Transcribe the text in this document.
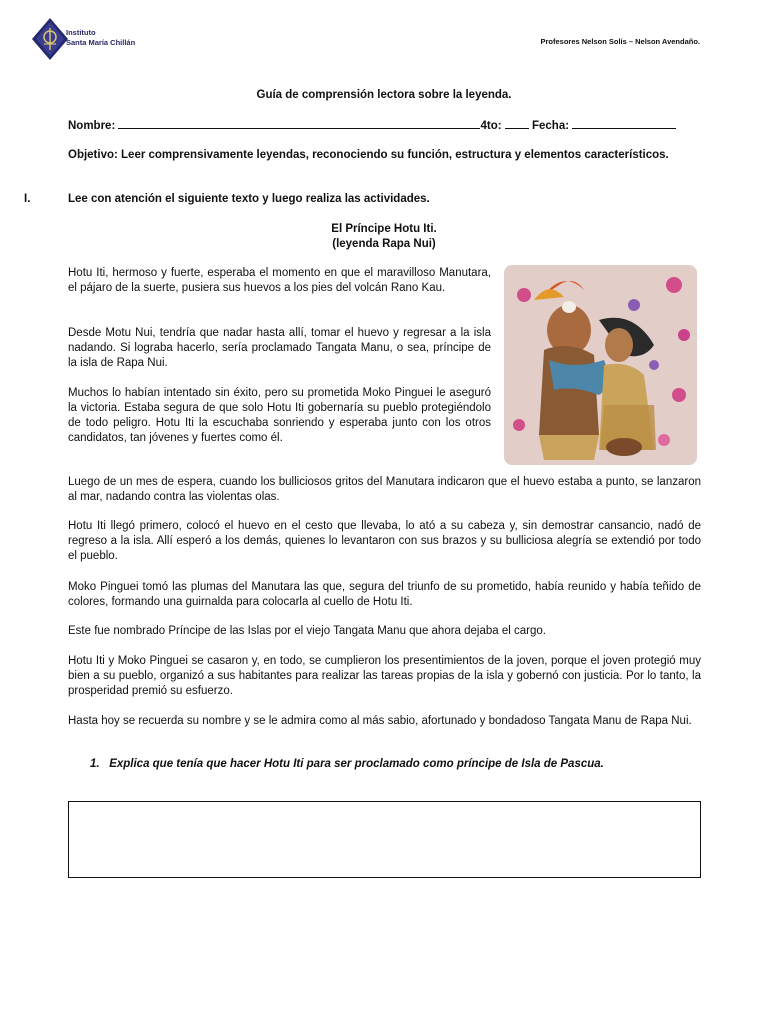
Instituto
Santa María Chillán	Profesores Nelson Solís – Nelson Avendaño.
Guía de comprensión lectora sobre la leyenda.
Nombre:	4to:	Fecha:
Objetivo: Leer comprensivamente leyendas, reconociendo su función, estructura y elementos característicos.
I.	Lee con atención el siguiente texto y luego realiza las actividades.
El Príncipe Hotu Iti.
(leyenda Rapa Nui)
Hotu Iti, hermoso y fuerte, esperaba el momento en que el maravilloso Manutara, el pájaro de la suerte, pusiera sus huevos a los pies del volcán Rano Kau.
Desde Motu Nui, tendría que nadar hasta allí, tomar el huevo y regresar a la isla nadando. Si lograba hacerlo, sería proclamado Tangata Manu, o sea, príncipe de la isla de Rapa Nui.
Muchos lo habían intentado sin éxito, pero su prometida Moko Pinguei le aseguró la victoria. Estaba segura de que solo Hotu Iti gobernaría su pueblo protegiéndolo de todo peligro. Hotu Iti la escuchaba sonriendo y esperaba junto con los otros candidatos, tan jóvenes y fuertes como él.
Luego de un mes de espera, cuando los bulliciosos gritos del Manutara indicaron que el huevo estaba a punto, se lanzaron al mar, nadando contra las violentas olas.
Hotu Iti llegó primero, colocó el huevo en el cesto que llevaba, lo ató a su cabeza y, sin demostrar cansancio, nadó de regreso a la isla. Allí esperó a los demás, quienes lo levantaron con sus brazos y su bulliciosa alegría se extendió por todo el pueblo.
Moko Pinguei tomó las plumas del Manutara las que, segura del triunfo de su prometido, había reunido y había teñido de colores, formando una guirnalda para colocarla al cuello de Hotu Iti.
Este fue nombrado Príncipe de las Islas por el viejo Tangata Manu que ahora dejaba el cargo.
Hotu Iti y Moko Pinguei se casaron y, en todo, se cumplieron los presentimientos de la joven, porque el joven protegió muy bien a su pueblo, organizó a sus habitantes para realizar las tareas propias de la isla y gobernó con justicia. Por lo tanto, la prosperidad premió su esfuerzo.
Hasta hoy se recuerda su nombre y se le admira como al más sabio, afortunado y bondadoso Tangata Manu de Rapa Nui.
1. Explica que tenía que hacer Hotu Iti para ser proclamado como príncipe de Isla de Pascua.
